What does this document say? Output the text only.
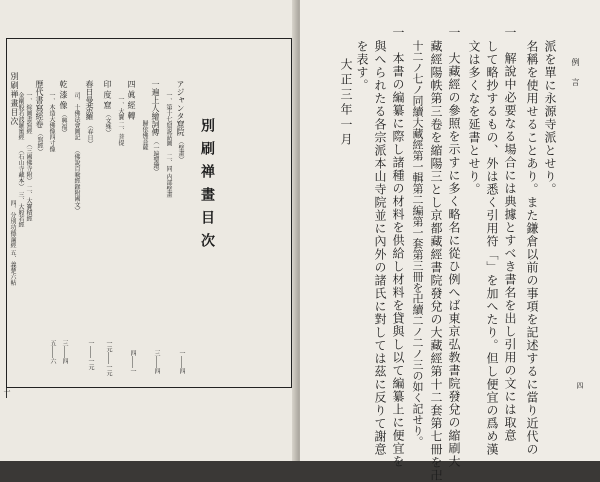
別刷禅畫目次
別刷禅畫目次
アジャンタ窟院 （壁畫）
一――四
一、第十七窟説話圖　 二、同 内部壁畫
一遍上人繪詞傳 （一遍聖繪）
三――四
歸依佛菩薩
四 眞 經 轉
一、大寶 二、菩提
四――一
印 度 窟 （文殊）
一元――一元
春日曼荼羅 （春日）
一――一元
司、十佛法會圖記　 （佛說百喩經錄附國文）
乾 漆 像 （興福）
三――四
一、木造大佛像四寸像
五――六
歷代書寫經卷 （寫經）
一、綜圖書寫經　 （三國佛寺附） 二、大寶積經
金剛般若波羅蜜經　 （石山寺藏本） 三、大般若經
四、分別功德論經 五、義楚六帖
一
例　言
四
派を單に永源寺派とせり。
名稱を使用せることあり。また鎌倉以前の事項を記述するに當り近代の
一　解說中必要なる場合には典據とすべき書名を出し引用の文には取意
して略抄するもの、外は悉く引用符「」を加へたり。但し便宜の爲め漢
文は多くなを延書とせり。
一　大藏經の參照を示すに多く略名に從ひ例へば東京弘教書院發兌の縮刷大
藏經陽帙第三卷を縮陽三とし京都藏經書院發兌の大藏經第十二套第七冊を卍
十二ノ七ノ同續大藏經第一輯第二編第一套第三冊を卍續二ノ二ノ三の如く記せり。
一　本書の編纂に際し諸種の材料を供給し材料を貸與し以て編纂上に便宜を
與へられたる各宗派本山寺院並に內外の諸氏に對しては茲に反りて謝意
を表す。
大正三年一月
